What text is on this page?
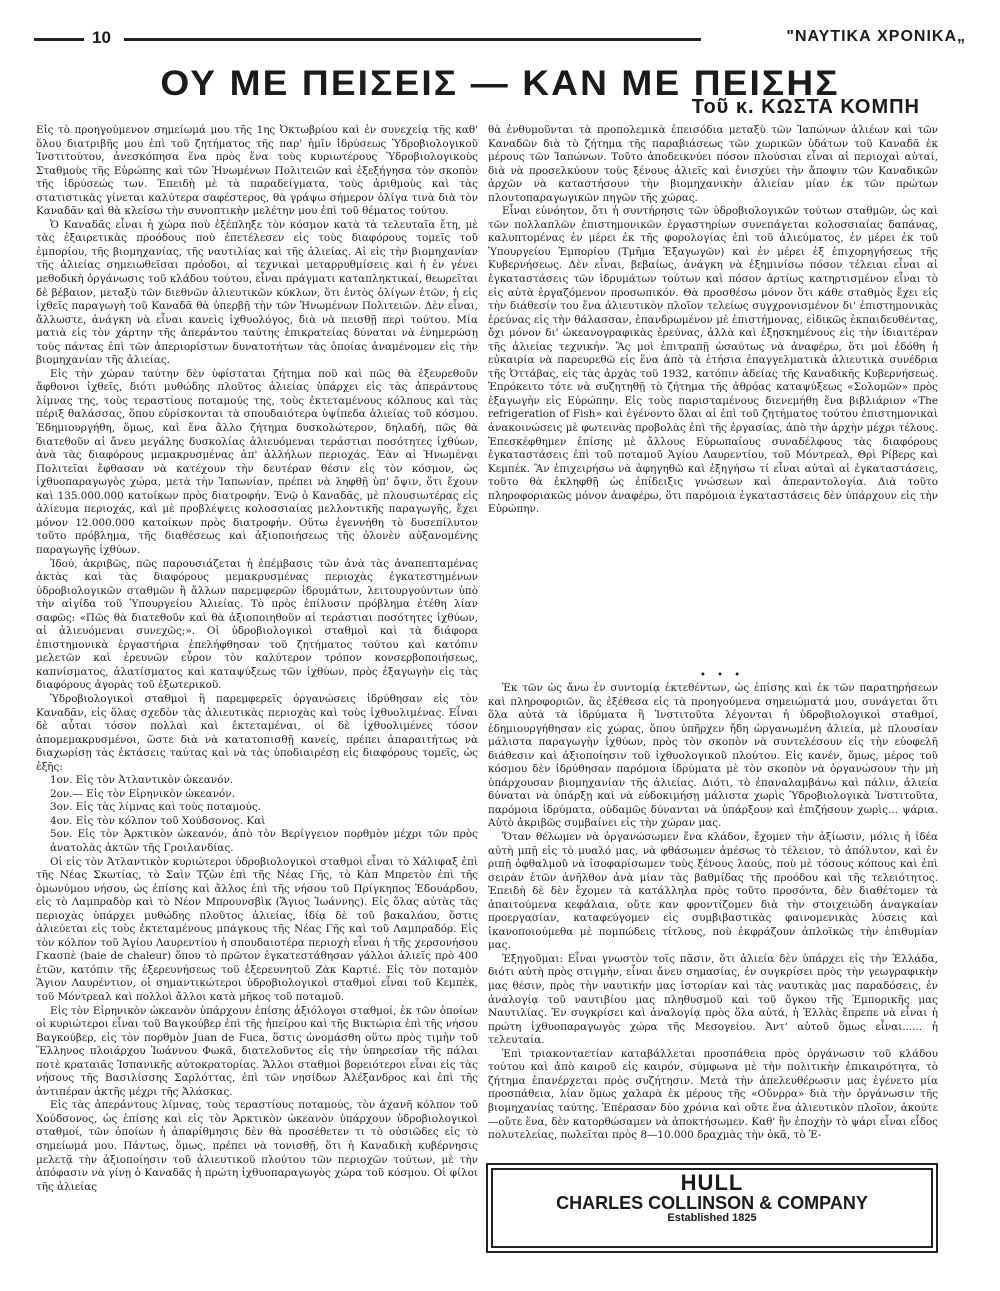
10	"ΝΑΥΤΙΚΑ ΧΡΟΝΙΚΑ„
ΟΥ ΜΕ ΠΕΙΣΕΙΣ — ΚΑΝ ΜΕ ΠΕΙΣΗΣ
Τοῦ κ. ΚΩΣΤΑ ΚΟΜΠΗ

Εἰς τὸ προηγούμενον σημείωμά μου τῆς 1ης Ὀκτωβρίου καὶ ἐν συνεχείᾳ τῆς καθ' ὅλου διατριβῆς μου ἐπὶ τοῦ ζητήματος τῆς παρ' ἡμῖν ἱδρύσεως Ὑδροβιολογικοῦ Ἰνστιτούτου, ἀνεσκόπησα ἕνα πρὸς ἕνα τοὺς κυριωτέρους Ὑδροβιολογικοὺς Σταθμοὺς τῆς Εὐρώπης καὶ τῶν Ἡνωμένων Πολιτειῶν καὶ ἐξεξήγησα τὸν σκοπὸν τῆς ἱδρύσεώς των. Ἐπειδὴ μὲ τὰ παραδείγματα, τοὺς ἀριθμοὺς καὶ τὰς στατιστικὰς γίνεται καλύτερα σαφέστερος, θὰ γράψω σήμερον ὀλίγα τινὰ διὰ τὸν Καναδᾶν καὶ θὰ κλείσω τὴν συνοπτικὴν μελέτην μου ἐπὶ τοῦ θέματος τούτου.

Ὁ Καναδᾶς εἶναι ἡ χώρα ποὺ ἐξέπληξε τὸν κόσμον κατὰ τὰ τελευταῖα ἔτη, μὲ τὰς ἐξαιρετικὰς προόδους ποὺ ἐπετέλεσεν εἰς τοὺς διαφόρους τομεῖς τοῦ ἐμπορίου, τῆς βιομηχανίας, τῆς ναυτιλίας καὶ τῆς ἁλιείας. Αἱ εἰς τὴν βιομηχανίαν τῆς ἁλιείας σημειωθεῖσαι πρόοδοι, αἱ τεχνικαὶ μεταρρυθμίσεις καὶ ἡ ἐν γένει μεθοδικὴ ὀργάνωσις τοῦ κλάδου τούτου, εἶναι πράγματι καταπληκτικαί, θεωρεῖται δὲ βέβαιον, μεταξὺ τῶν διεθνῶν ἁλιευτικῶν κύκλων, ὅτι ἐντὸς ὀλίγων ἐτῶν, ἡ εἰς ἰχθεῖς παραγωγὴ τοῦ Καναδᾶ θὰ ὑπερβῇ τὴν τῶν Ἡνωμένων Πολιτειῶν. Δὲν εἶναι, ἄλλωστε, ἀνάγκη νὰ εἶναι κανεὶς ἰχθυολόγος, διὰ νὰ πεισθῇ περὶ τούτου. Μία ματιὰ εἰς τὸν χάρτην τῆς ἀπεράντου ταύτης ἐπικρατείας δύναται νὰ ἐνημερώσῃ τοὺς πάντας ἐπὶ τῶν ἀπεριορίστων δυνατοτήτων τὰς ὁποίας ἀναμένομεν εἰς τὴν βιομηχανίαν τῆς ἁλιείας.

Εἰς τὴν χώραν ταύτην δὲν ὑφίσταται ζήτημα ποῦ καὶ πῶς θὰ ἐξευρεθοῦν ἄφθονοι ἰχθεῖς, διότι μυθώδης πλοῦτος ἁλιείας ὑπάρχει εἰς τὰς ἀπεράντους λίμνας της, τοὺς τεραστίους ποταμούς της, τοὺς ἐκτεταμένους κόλπους καὶ τὰς πέριξ θαλάσσας, ὅπου εὑρίσκονται τὰ σπουδαιότερα ὑψίπεδα ἁλιείας τοῦ κόσμου. Ἐδημιουργήθη, ὅμως, καὶ ἕνα ἄλλο ζήτημα δυσκολώτερον, δηλαδή, πῶς θὰ διατεθοῦν αἱ ἄνευ μεγάλης δυσκολίας ἁλιευόμεναι τεράστιαι ποσότητες ἰχθύων, ἀνὰ τὰς διαφόρους μεμακρυσμένας ἀπ' ἀλλήλων περιοχάς. Ἐὰν αἱ Ἡνωμέναι Πολιτεῖαι ἔφθασαν νὰ κατέχουν τὴν δευτέραν θέσιν εἰς τὸν κόσμον, ὡς ἰχθυοπαραγωγὸς χώρα, μετὰ τὴν Ἰαπωνίαν, πρέπει νὰ ληφθῇ ὑπ' ὄψιν, ὅτι ἔχουν καὶ 135.000.000 κατοίκων πρὸς διατροφήν. Ἐνῷ ὁ Καναδᾶς, μὲ πλουσιωτέρας εἰς ἁλίευμα περιοχάς, καὶ μὲ προβλέψεις κολοσσιαίας μελλοντικῆς παραγωγῆς, ἔχει μόνον 12.000.000 κατοίκων πρὸς διατροφήν. Οὕτω ἐγεννήθη τὸ δυσεπίλυτον τοῦτο πρόβλημα, τῆς διαθέσεως καὶ ἀξιοποιήσεως τῆς ὁλονὲν αὐξανομένης παραγωγῆς ἰχθύων.

Ἰδού, ἀκριβῶς, πῶς παρουσιάζεται ἡ ἐπέμβασις τῶν ἀνὰ τὰς ἀναπεπταμένας ἀκτὰς καὶ τὰς διαφόρους μεμακρυσμένας περιοχὰς ἐγκατεστημένων ὑδροβιολογικῶν σταθμῶν ἢ ἄλλων παρεμφερῶν ἱδρυμάτων, λειτουργούντων ὑπὸ τὴν αἰγίδα τοῦ Ὑπουργείου Ἁλιείας. Τὸ πρὸς ἐπίλυσιν πρόβλημα ἐτέθη λίαν σαφῶς: «Πῶς θὰ διατεθοῦν καὶ θὰ ἀξιοποιηθοῦν αἱ τεράστιαι ποσότητες ἰχθύων, αἱ ἁλιευόμεναι συνεχῶς;». Οἱ ὑδροβιολογικοὶ σταθμοὶ καὶ τὰ διάφορα ἐπιστημονικὰ ἐργαστήρια ἐπελήφθησαν τοῦ ζητήματος τούτου καὶ κατόπιν μελετῶν καὶ ἐρευνῶν εὗρον τὸν καλύτερον τρόπον κονσερβοποιήσεως, καπνίσματος, ἁλατίσματος καὶ καταψύξεως τῶν ἰχθύων, πρὸς ἐξαγωγὴν εἰς τὰς διαφόρους ἀγορὰς τοῦ ἐξωτερικοῦ.

Ὑδροβιολογικοὶ σταθμοὶ ἢ παρεμφερεῖς ὀργανώσεις ἱδρύθησαν εἰς τὸν Καναδᾶν, εἰς ὅλας σχεδὸν τὰς ἁλιευτικὰς περιοχὰς καὶ τοὺς ἰχθυολιμένας. Εἶναι δὲ αὗται τόσον πολλαὶ καὶ ἐκτεταμέναι, οἱ δὲ ἰχθυολιμένες τόσον ἀπομεμακρυσμένοι, ὥστε διὰ νὰ κατατοπισθῇ κανείς, πρέπει ἀπαραιτήτως νὰ διαχωρίσῃ τὰς ἐκτάσεις ταύτας καὶ νὰ τὰς ὑποδιαιρέσῃ εἰς διαφόρους τομεῖς, ὡς ἑξῆς:

1ον. Εἰς τὸν Ἀτλαντικὸν ὠκεανόν.

2ον.— Εἰς τὸν Εἰρηνικὸν ὠκεανόν.

3ον. Εἰς τὰς λίμνας καὶ τοὺς ποταμούς.

4ον. Εἰς τὸν κόλπον τοῦ Χούδσονος. Καὶ

5ον. Εἰς τὸν Ἀρκτικὸν ὠκεανόν, ἀπὸ τὸν Βερίγγειον πορθμὸν μέχρι τῶν πρὸς ἀνατολὰς ἀκτῶν τῆς Γροιλανδίας.

Οἱ εἰς τὸν Ἀτλαντικὸν κυριώτεροι ὑδροβιολογικοὶ σταθμοὶ εἶναι τὸ Χάλιφαξ ἐπὶ τῆς Νέας Σκωτίας, τὸ Σαὶν Τζὼν ἐπὶ τῆς Νέας Γῆς, τὸ Κὰπ Μπρετὸν ἐπὶ τῆς ὁμωνύμου νήσου, ὡς ἐπίσης καὶ ἄλλος ἐπὶ τῆς νήσου τοῦ Πρίγκηπος Ἐδουάρδου, εἰς τὸ Λαμπραδὸρ καὶ τὸ Νέον Μπρουνσβὶκ (Ἅγιος Ἰωάννης). Εἰς ὅλας αὐτὰς τὰς περιοχὰς ὑπάρχει μυθώδης πλοῦτος ἁλιείας, ἰδίᾳ δὲ τοῦ βακαλάου, ὅστις ἁλιεύεται εἰς τοὺς ἐκτεταμένους μπάγκους τῆς Νέας Γῆς καὶ τοῦ Λαμπραδόρ. Εἰς τὸν κόλπον τοῦ Ἁγίου Λαυρεντίου ἡ σπουδαιοτέρα περιοχὴ εἶναι ἡ τῆς χερσονήσου Γκασπὲ (baie de chaleur) ὅπου τὸ πρῶτον ἐγκατεστάθησαν γάλλοι ἁλιεῖς πρὸ 400 ἐτῶν, κατόπιν τῆς ἐξερευνήσεως τοῦ ἐξερευνητοῦ Ζὰκ Καρτιέ. Εἰς τὸν ποταμὸν Ἅγιον Λαυρέντιον, οἱ σημαντικώτεροι ὑδροβιολογικοὶ σταθμοὶ εἶναι τοῦ Κεμπὲκ, τοῦ Μόντρεαλ καὶ πολλοὶ ἄλλοι κατὰ μῆκος τοῦ ποταμοῦ.

Εἰς τὸν Εἰρηνικὸν ὠκεανὸν ὑπάρχουν ἐπίσης ἀξιόλογοι σταθμοί, ἐκ τῶν ὁποίων οἱ κυριώτεροι εἶναι τοῦ Βαγκούβερ ἐπὶ τῆς ἠπείρου καὶ τῆς Βικτώρια ἐπὶ τῆς νήσου Βαγκούβερ, εἰς τὸν πορθμὸν Juan de Fuca, ὅστις ὠνομάσθη οὕτω πρὸς τιμὴν τοῦ Ἕλληνος πλοιάρχου Ἰωάννου Φωκᾶ, διατελοῦντος εἰς τὴν ὑπηρεσίαν τῆς πάλαι ποτὲ κραταιᾶς Ἱσπανικῆς αὐτοκρατορίας. Ἄλλοι σταθμοὶ βορειότεροι εἶναι εἰς τὰς νήσους τῆς Βασιλίσσης Σαρλόττας, ἐπὶ τῶν νησίδων Ἀλέξανδρος καὶ ἐπὶ τῆς ἀντιπέραν ἀκτῆς μέχρι τῆς Ἀλάσκας.

Εἰς τὰς ἀπεράντους λίμνας, τοὺς τεραστίους ποταμούς, τὸν ἀχανῆ κόλπον τοῦ Χούδσονος, ὡς ἐπίσης καὶ εἰς τὸν Ἀρκτικὸν ὠκεανὸν ὑπάρχουν ὑδροβιολογικοὶ σταθμοί, τῶν ὁποίων ἡ ἀπαρίθμησις δὲν θὰ προσέθετεν τι τὸ οὐσιῶδες εἰς τὸ σημείωμά μου. Πάντως, ὅμως, πρέπει νὰ τονισθῇ, ὅτι ἡ Καναδικὴ κυβέρνησις μελετᾷ τὴν ἀξιοποίησιν τοῦ ἁλιευτικοῦ πλούτου τῶν περιοχῶν τούτων, μὲ τὴν ἀπόφασιν νὰ γίνῃ ὁ Καναδᾶς ἡ πρώτη ἰχθυοπαραγωγὸς χώρα τοῦ κόσμου. Οἱ φίλοι τῆς ἁλιείας

θὰ ἐνθυμοῦνται τὰ προπολεμικὰ ἐπεισόδια μεταξὺ τῶν Ἰαπώνων ἁλιέων καὶ τῶν Καναδῶν διὰ τὸ ζήτημα τῆς παραβιάσεως τῶν χωρικῶν ὑδάτων τοῦ Καναδᾶ ἐκ μέρους τῶν Ἰαπώνων. Τοῦτο ἀποδεικνύει πόσον πλούσιαι εἶναι αἱ περιοχαὶ αὐταί, διὰ νὰ προσελκύουν τοὺς ξένους ἁλιεῖς καὶ ἐνισχύει τὴν ἄποψιν τῶν Καναδικῶν ἀρχῶν νὰ καταστήσουν τὴν βιομηχανικὴν ἁλιείαν μίαν ἐκ τῶν πρώτων πλουτοπαραγωγικῶν πηγῶν τῆς χώρας.

Εἶναι εὐνόητον, ὅτι ἡ συντήρησις τῶν ὑδροβιολογικῶν τούτων σταθμῶν, ὡς καὶ τῶν πολλαπλῶν ἐπιστημονικῶν ἐργαστηρίων συνεπάγεται κολοσσιαίας δαπάνας, καλυπτομένας ἐν μέρει ἐκ τῆς φορολογίας ἐπὶ τοῦ ἁλιεύματος, ἐν μέρει ἐκ τοῦ Ὑπουργείου Ἐμπορίου (Τμῆμα Ἐξαγωγῶν) καὶ ἐν μέρει ἐξ ἐπιχορηγήσεως τῆς Κυβερνήσεως. Δὲν εἶναι, βεβαίως, ἀνάγκη νὰ ἐξημινίσω πόσον τέλειαι εἶναι αἱ ἐγκαταστάσεις τῶν ἱδρυμάτων τούτων καὶ πόσον ἀρτίως κατηρτισμένον εἶναι τὸ εἰς αὐτὰ ἐργαζόμενον προσωπικόν. Θὰ προσθέσω μόνον ὅτι κάθε σταθμὸς ἔχει εἰς τὴν διάθεσίν του ἕνα ἁλιευτικὸν πλοῖον τελείως συγχρονισμένον δι' ἐπιστημονικὰς ἐρεύνας εἰς τὴν θάλασσαν, ἐπανδρωμένον μὲ ἐπιστήμονας, εἰδικῶς ἐκπαιδευθέντας, ὄχι μόνον δι' ὠκεανογραφικὰς ἐρεύνας, ἀλλὰ καὶ ἐξησκημένους εἰς τὴν ἰδιαιτέραν τῆς ἁλιείας τεχνικήν. Ἂς μοὶ ἐπιτραπῇ ὡσαύτως νὰ ἀναφέρω, ὅτι μοὶ ἐδόθη ἡ εὐκαιρία νὰ παρευρεθῶ εἰς ἕνα ἀπὸ τὰ ἐτήσια ἐπαγγελματικὰ ἁλιευτικὰ συνέδρια τῆς Ὀττάβας, εἰς τὰς ἀρχὰς τοῦ 1932, κατόπιν ἀδείας τῆς Καναδικῆς Κυβερνήσεως. Ἐπρόκειτο τότε νὰ συζητηθῇ τὸ ζήτημα τῆς ἀθρόας καταψύξεως «Σολομῶν» πρὸς ἐξαγωγὴν εἰς Εὐρώπην. Εἰς τοὺς παρισταμένους διενεμήθη ἕνα βιβλιάριον «The refrigeration of Fish» καὶ ἐγένοντο ὅλαι αἱ ἐπὶ τοῦ ζητήματος τούτου ἐπιστημονικαὶ ἀνακοινώσεις μὲ φωτεινὰς προβολὰς ἐπὶ τῆς ἐργασίας, ἀπὸ τὴν ἀρχὴν μέχρι τέλους. Ἐπεσκέφθημεν ἐπίσης μὲ ἄλλους Εὐρωπαίους συναδέλφους τὰς διαφόρους ἐγκαταστάσεις ἐπὶ τοῦ ποταμοῦ Ἁγίου Λαυρεντίου, τοῦ Μόντρεαλ, Θρὶ Ρίβερς καὶ Κεμπέκ. Ἂν ἐπιχειρήσω νὰ ἀφηγηθῶ καὶ ἐξηγήσω τί εἶναι αὐταὶ αἱ ἐγκαταστάσεις, τοῦτο θὰ ἐκληφθῇ ὡς ἐπίδειξις γνώσεων καὶ ἀπεραντολογία. Διὰ τοῦτο πληροφοριακῶς μόνον ἀναφέρω, ὅτι παρόμοια ἐγκαταστάσεις δὲν ὑπάρχουν εἰς τὴν Εὐρώπην.

• • •

Ἐκ τῶν ὡς ἄνω ἐν συντομίᾳ ἐκτεθέντων, ὡς ἐπίσης καὶ ἐκ τῶν παρατηρήσεων καὶ πληροφοριῶν, ἃς ἐξέθεσα εἰς τὰ προηγούμενα σημειώματά μου, συνάγεται ὅτι ὅλα αὐτὰ τὰ ἱδρύματα ἢ Ἰνστιτοῦτα λέγονται ἡ ὑδροβιολογικοὶ σταθμοί, ἐδημιουργήθησαν εἰς χώρας, ὅπου ὑπῆρχεν ἤδη ὠργανωμένη ἁλιεία, μὲ πλουσίαν μάλιστα παραγωγὴν ἰχθύων, πρὸς τὸν σκοπὸν νὰ συντελέσουν εἰς τὴν εὐοφελῆ διάθεσιν καὶ ἀξιοποίησιν τοῦ ἰχθυολογικοῦ πλούτου. Εἰς κανέν, ὅμως, μέρος τοῦ κόσμου δὲν ἱδρύθησαν παρόμοια ἱδρύματα μὲ τὸν σκοπὸν νὰ ὀργανώσουν τὴν μὴ ὑπάρχουσαν βιομηχανίαν τῆς ἁλιείας. Διότι, τὸ ἐπαναλαμβάνω καὶ πάλιν, ἁλιεία δύναται νὰ ὑπάρξῃ καὶ νὰ εὐδοκιμήσῃ μάλιστα χωρὶς Ὑδροβιολογικὰ Ἰνστιτοῦτα, παρόμοια ἱδρύματα, οὐδαμῶς δύνανται νὰ ὑπάρξουν καὶ ἐπιζήσουν χωρὶς... ψάρια. Αὐτὸ ἀκριβῶς συμβαίνει εἰς τὴν χώραν μας.

Ὅταν θέλωμεν νὰ ὀργανώσωμεν ἕνα κλάδον, ἔχομεν τὴν ἀξίωσιν, μόλις ἡ ἰδέα αὐτὴ μπῇ εἰς τὸ μυαλό μας, νὰ φθάσωμεν ἀμέσως τὸ τέλειον, τὸ ἀπόλυτον, καὶ ἐν ριπῇ ὀφθαλμοῦ νὰ ἰσοφαρίσωμεν τοὺς ξένους λαούς, ποὺ μὲ τόσους κόπους καὶ ἐπὶ σειρὰν ἐτῶν ἀνῆλθον ἀνὰ μίαν τὰς βαθμίδας τῆς προόδου καὶ τῆς τελειότητος. Ἐπειδὴ δὲ δὲν ἔχομεν τὰ κατάλληλα πρὸς τοῦτο προσόντα, δὲν διαθέτομεν τὰ ἀπαιτούμενα κεφάλαια, οὔτε καν φροντίζομεν διὰ τὴν στοιχειώδη ἀναγκαίαν προεργασίαν, καταφεύγομεν εἰς συμβιβαστικὰς φαινομενικὰς λύσεις καὶ ἱκανοποιούμεθα μὲ πομπώδεις τίτλους, ποὺ ἐκφράζουν ἀπλοϊκῶς τὴν ἐπιθυμίαν μας.

Ἐξηγοῦμαι: Εἶναι γνωστὸν τοῖς πᾶσιν, ὅτι ἁλιεία δὲν ὑπάρχει εἰς τὴν Ἑλλάδα, διότι αὐτὴ πρὸς στιγμὴν, εἶναι ἄνευ σημασίας, ἐν συγκρίσει πρὸς τὴν γεωγραφικὴν μας θέσιν, πρὸς τὴν ναυτικήν μας ἱστορίαν καὶ τὰς ναυτικὰς μας παραδόσεις, ἐν ἀναλογίᾳ τοῦ ναυτιβίου μας πληθυσμοῦ καὶ τοῦ ὄγκου τῆς Ἐμπορικῆς μας Ναυτιλίας. Ἐν συγκρίσει καὶ ἀναλογίᾳ πρὸς ὅλα αὐτά, ἡ Ἑλλὰς ἔπρεπε νὰ εἶναι ἡ πρώτη ἰχθυοπαραγωγὸς χώρα τῆς Μεσογείου. Ἀντ' αὐτοῦ ὅμως εἶναι...... ἡ τελευταία.

Ἐπὶ τριακονταετίαν καταβάλλεται προσπάθεια πρὸς ὀργάνωσιν τοῦ κλάδου τούτου καὶ ἀπὸ καιροῦ εἰς καιρόν, σύμφωνα μὲ τὴν πολιτικὴν ἐπικαιρότητα, τὸ ζήτημα ἐπανέρχεται πρὸς συζήτησιν. Μετὰ τὴν ἀπελευθέρωσιν μας ἐγένετο μία προσπάθεια, λίαν ὅμως χαλαρὰ ἐκ μέρους τῆς «Οὔνρρα» διὰ τὴν ὀργάνωσιν τῆς βιομηχανίας ταύτης. Ἐπέρασαν δύο χρόνια καὶ οὔτε ἕνα ἁλιευτικὸν πλοῖον, ἀκούτε —οὔτε ἕνα, δὲν κατορθώσαμεν νὰ ἀποκτήσωμεν. Καθ' ἣν ἐποχὴν τὸ ψάρι εἶναι εἶδος πολυτελείας, πωλεῖται πρὸς 8—10.000 δραχμὰς τὴν ὀκᾶ, τὸ Ἐ-

HULL
CHARLES COLLINSON & COMPANY
Established 1825
